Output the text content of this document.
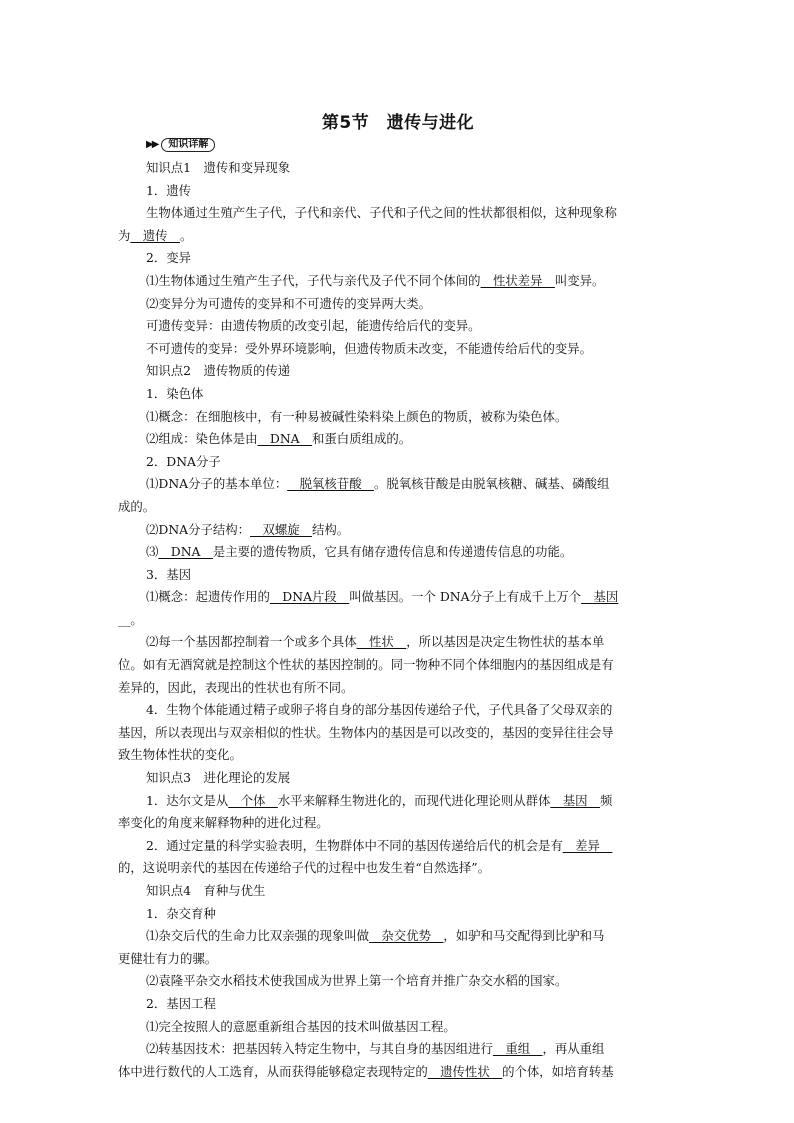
第5节　遗传与进化
▶▶	知识详解

知识点1　遗传和变异现象

1．遗传

生物体通过生殖产生子代，子代和亲代、子代和子代之间的性状都很相似，这种现象称

为__遗传__。

2．变异

⑴生物体通过生殖产生子代，子代与亲代及子代不同个体间的__性状差异__叫变异。

⑵变异分为可遗传的变异和不可遗传的变异两大类。

可遗传变异：由遗传物质的改变引起，能遗传给后代的变异。

不可遗传的变异：受外界环境影响，但遗传物质未改变，不能遗传给后代的变异。

知识点2　遗传物质的传递

1．染色体

⑴概念：在细胞核中，有一种易被碱性染料染上颜色的物质，被称为染色体。

⑵组成：染色体是由__DNA__和蛋白质组成的。

2．DNA分子

⑴DNA分子的基本单位：__脱氧核苷酸__。脱氧核苷酸是由脱氧核糖、碱基、磷酸组

成的。

⑵DNA分子结构：__双螺旋__结构。

⑶__DNA__是主要的遗传物质，它具有储存遗传信息和传递遗传信息的功能。

3．基因

⑴概念：起遗传作用的__DNA片段__叫做基因。一个 DNA分子上有成千上万个__基因

__。

⑵每一个基因都控制着一个或多个具体__性状__，所以基因是决定生物性状的基本单

位。如有无酒窝就是控制这个性状的基因控制的。同一物种不同个体细胞内的基因组成是有

差异的，因此，表现出的性状也有所不同。

4．生物个体能通过精子或卵子将自身的部分基因传递给子代，子代具备了父母双亲的

基因，所以表现出与双亲相似的性状。生物体内的基因是可以改变的，基因的变异往往会导

致生物体性状的变化。

知识点3　进化理论的发展

1．达尔文是从__个体__水平来解释生物进化的，而现代进化理论则从群体__基因__频

率变化的角度来解释物种的进化过程。

2．通过定量的科学实验表明，生物群体中不同的基因传递给后代的机会是有__差异__

的，这说明亲代的基因在传递给子代的过程中也发生着“自然选择”。

知识点4　育种与优生

1．杂交育种

⑴杂交后代的生命力比双亲强的现象叫做__杂交优势__，如驴和马交配得到比驴和马

更健壮有力的骡。

⑵袁隆平杂交水稻技术使我国成为世界上第一个培育并推广杂交水稻的国家。

2．基因工程

⑴完全按照人的意愿重新组合基因的技术叫做基因工程。

⑵转基因技术：把基因转入特定生物中，与其自身的基因组进行__重组__，再从重组

体中进行数代的人工选育，从而获得能够稳定表现特定的__遗传性状__的个体，如培育转基
